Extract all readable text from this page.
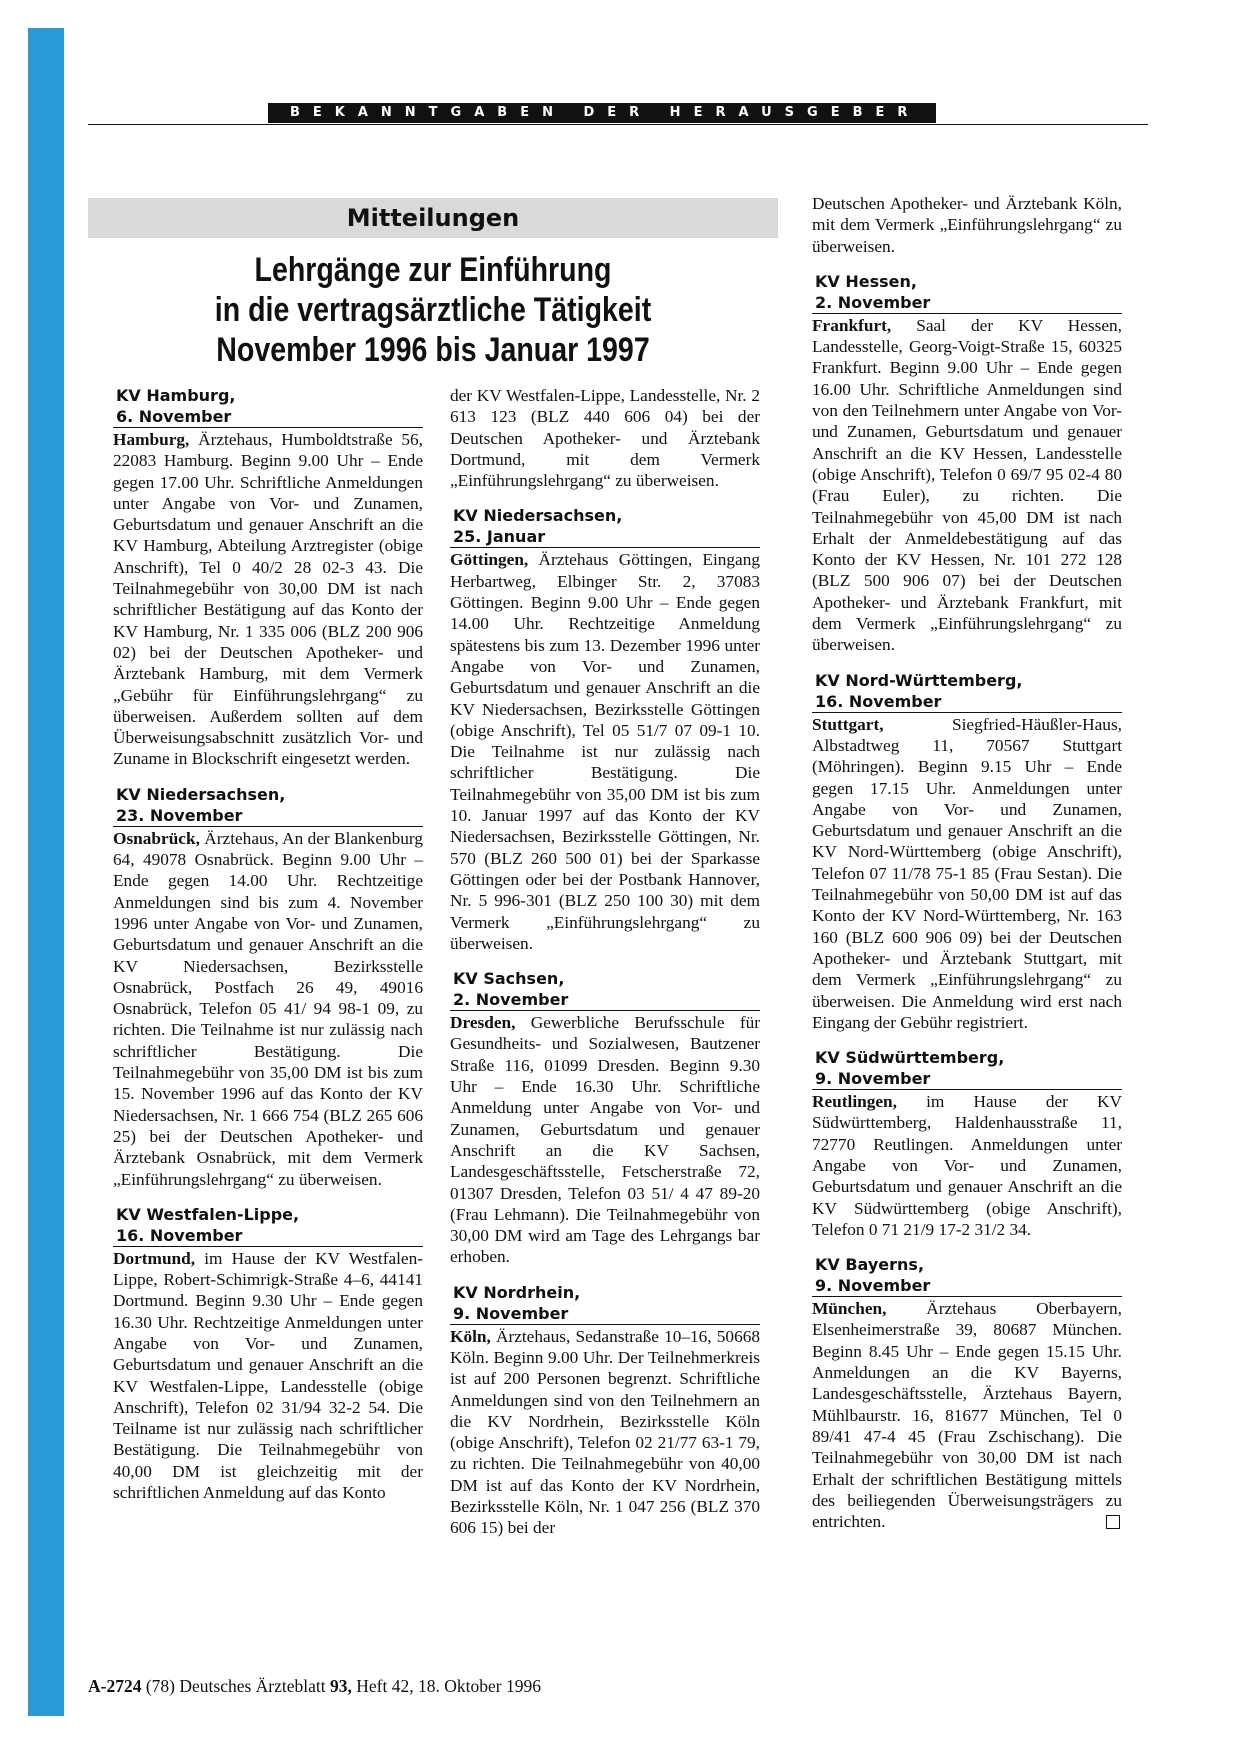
BEKANNTGABEN DER HERAUSGEBER
Mitteilungen
Lehrgänge zur Einführung
in die vertragsärztliche Tätigkeit
November 1996 bis Januar 1997
KV Hamburg,
6. November
Hamburg, Ärztehaus, Humboldtstraße 56, 22083 Hamburg. Beginn 9.00 Uhr – Ende gegen 17.00 Uhr. Schriftliche Anmeldungen unter Angabe von Vor- und Zunamen, Geburtsdatum und genauer Anschrift an die KV Hamburg, Abteilung Arztregister (obige Anschrift), Tel 0 40/2 28 02-3 43. Die Teilnahmegebühr von 30,00 DM ist nach schriftlicher Bestätigung auf das Konto der KV Hamburg, Nr. 1 335 006 (BLZ 200 906 02) bei der Deutschen Apotheker- und Ärztebank Hamburg, mit dem Vermerk „Gebühr für Einführungslehrgang“ zu überweisen. Außerdem sollten auf dem Überweisungsabschnitt zusätzlich Vor- und Zuname in Blockschrift eingesetzt werden.
KV Niedersachsen,
23. November
Osnabrück, Ärztehaus, An der Blankenburg 64, 49078 Osnabrück. Beginn 9.00 Uhr – Ende gegen 14.00 Uhr. Rechtzeitige Anmeldungen sind bis zum 4. November 1996 unter Angabe von Vor- und Zunamen, Geburtsdatum und genauer Anschrift an die KV Niedersachsen, Bezirksstelle Osnabrück, Postfach 26 49, 49016 Osnabrück, Telefon 05 41/ 94 98-1 09, zu richten. Die Teilnahme ist nur zulässig nach schriftlicher Bestätigung. Die Teilnahmegebühr von 35,00 DM ist bis zum 15. November 1996 auf das Konto der KV Niedersachsen, Nr. 1 666 754 (BLZ 265 606 25) bei der Deutschen Apotheker- und Ärztebank Osnabrück, mit dem Vermerk „Einführungslehrgang“ zu überweisen.
KV Westfalen-Lippe,
16. November
Dortmund, im Hause der KV Westfalen-Lippe, Robert-Schimrigk-Straße 4–6, 44141 Dortmund. Beginn 9.30 Uhr – Ende gegen 16.30 Uhr. Rechtzeitige Anmeldungen unter Angabe von Vor- und Zunamen, Geburtsdatum und genauer Anschrift an die KV Westfalen-Lippe, Landesstelle (obige Anschrift), Telefon 02 31/94 32-2 54. Die Teilname ist nur zulässig nach schriftlicher Bestätigung. Die Teilnahmegebühr von 40,00 DM ist gleichzeitig mit der schriftlichen Anmeldung auf das Konto
der KV Westfalen-Lippe, Landesstelle, Nr. 2 613 123 (BLZ 440 606 04) bei der Deutschen Apotheker- und Ärztebank Dortmund, mit dem Vermerk „Einführungslehrgang“ zu überweisen.
KV Niedersachsen,
25. Januar
Göttingen, Ärztehaus Göttingen, Eingang Herbartweg, Elbinger Str. 2, 37083 Göttingen. Beginn 9.00 Uhr – Ende gegen 14.00 Uhr. Rechtzeitige Anmeldung spätestens bis zum 13. Dezember 1996 unter Angabe von Vor- und Zunamen, Geburtsdatum und genauer Anschrift an die KV Niedersachsen, Bezirksstelle Göttingen (obige Anschrift), Tel 05 51/7 07 09-1 10. Die Teilnahme ist nur zulässig nach schriftlicher Bestätigung. Die Teilnahmegebühr von 35,00 DM ist bis zum 10. Januar 1997 auf das Konto der KV Niedersachsen, Bezirksstelle Göttingen, Nr. 570 (BLZ 260 500 01) bei der Sparkasse Göttingen oder bei der Postbank Hannover, Nr. 5 996-301 (BLZ 250 100 30) mit dem Vermerk „Einführungslehrgang“ zu überweisen.
KV Sachsen,
2. November
Dresden, Gewerbliche Berufsschule für Gesundheits- und Sozialwesen, Bautzener Straße 116, 01099 Dresden. Beginn 9.30 Uhr – Ende 16.30 Uhr. Schriftliche Anmeldung unter Angabe von Vor- und Zunamen, Geburtsdatum und genauer Anschrift an die KV Sachsen, Landesgeschäftsstelle, Fetscherstraße 72, 01307 Dresden, Telefon 03 51/ 4 47 89-20 (Frau Lehmann). Die Teilnahmegebühr von 30,00 DM wird am Tage des Lehrgangs bar erhoben.
KV Nordrhein,
9. November
Köln, Ärztehaus, Sedanstraße 10–16, 50668 Köln. Beginn 9.00 Uhr. Der Teilnehmerkreis ist auf 200 Personen begrenzt. Schriftliche Anmeldungen sind von den Teilnehmern an die KV Nordrhein, Bezirksstelle Köln (obige Anschrift), Telefon 02 21/77 63-1 79, zu richten. Die Teilnahmegebühr von 40,00 DM ist auf das Konto der KV Nordrhein, Bezirksstelle Köln, Nr. 1 047 256 (BLZ 370 606 15) bei der
Deutschen Apotheker- und Ärztebank Köln, mit dem Vermerk „Einführungslehrgang“ zu überweisen.
KV Hessen,
2. November
Frankfurt, Saal der KV Hessen, Landesstelle, Georg-Voigt-Straße 15, 60325 Frankfurt. Beginn 9.00 Uhr – Ende gegen 16.00 Uhr. Schriftliche Anmeldungen sind von den Teilnehmern unter Angabe von Vor- und Zunamen, Geburtsdatum und genauer Anschrift an die KV Hessen, Landesstelle (obige Anschrift), Telefon 0 69/7 95 02-4 80 (Frau Euler), zu richten. Die Teilnahmegebühr von 45,00 DM ist nach Erhalt der Anmeldebestätigung auf das Konto der KV Hessen, Nr. 101 272 128 (BLZ 500 906 07) bei der Deutschen Apotheker- und Ärztebank Frankfurt, mit dem Vermerk „Einführungslehrgang“ zu überweisen.
KV Nord-Württemberg,
16. November
Stuttgart, Siegfried-Häußler-Haus, Albstadtweg 11, 70567 Stuttgart (Möhringen). Beginn 9.15 Uhr – Ende gegen 17.15 Uhr. Anmeldungen unter Angabe von Vor- und Zunamen, Geburtsdatum und genauer Anschrift an die KV Nord-Württemberg (obige Anschrift), Telefon 07 11/78 75-1 85 (Frau Sestan). Die Teilnahmegebühr von 50,00 DM ist auf das Konto der KV Nord-Württemberg, Nr. 163 160 (BLZ 600 906 09) bei der Deutschen Apotheker- und Ärztebank Stuttgart, mit dem Vermerk „Einführungslehrgang“ zu überweisen. Die Anmeldung wird erst nach Eingang der Gebühr registriert.
KV Südwürttemberg,
9. November
Reutlingen, im Hause der KV Südwürttemberg, Haldenhausstraße 11, 72770 Reutlingen. Anmeldungen unter Angabe von Vor- und Zunamen, Geburtsdatum und genauer Anschrift an die KV Südwürttemberg (obige Anschrift), Telefon 0 71 21/9 17-2 31/2 34.
KV Bayerns,
9. November
München, Ärztehaus Oberbayern, Elsenheimerstraße 39, 80687 München. Beginn 8.45 Uhr – Ende gegen 15.15 Uhr. Anmeldungen an die KV Bayerns, Landesgeschäftsstelle, Ärztehaus Bayern, Mühlbaurstr. 16, 81677 München, Tel 0 89/41 47-4 45 (Frau Zschischang). Die Teilnahmegebühr von 30,00 DM ist nach Erhalt der schriftlichen Bestätigung mittels des beiliegenden Überweisungsträgers zu entrichten.
A-2724 (78) Deutsches Ärzteblatt 93, Heft 42, 18. Oktober 1996
